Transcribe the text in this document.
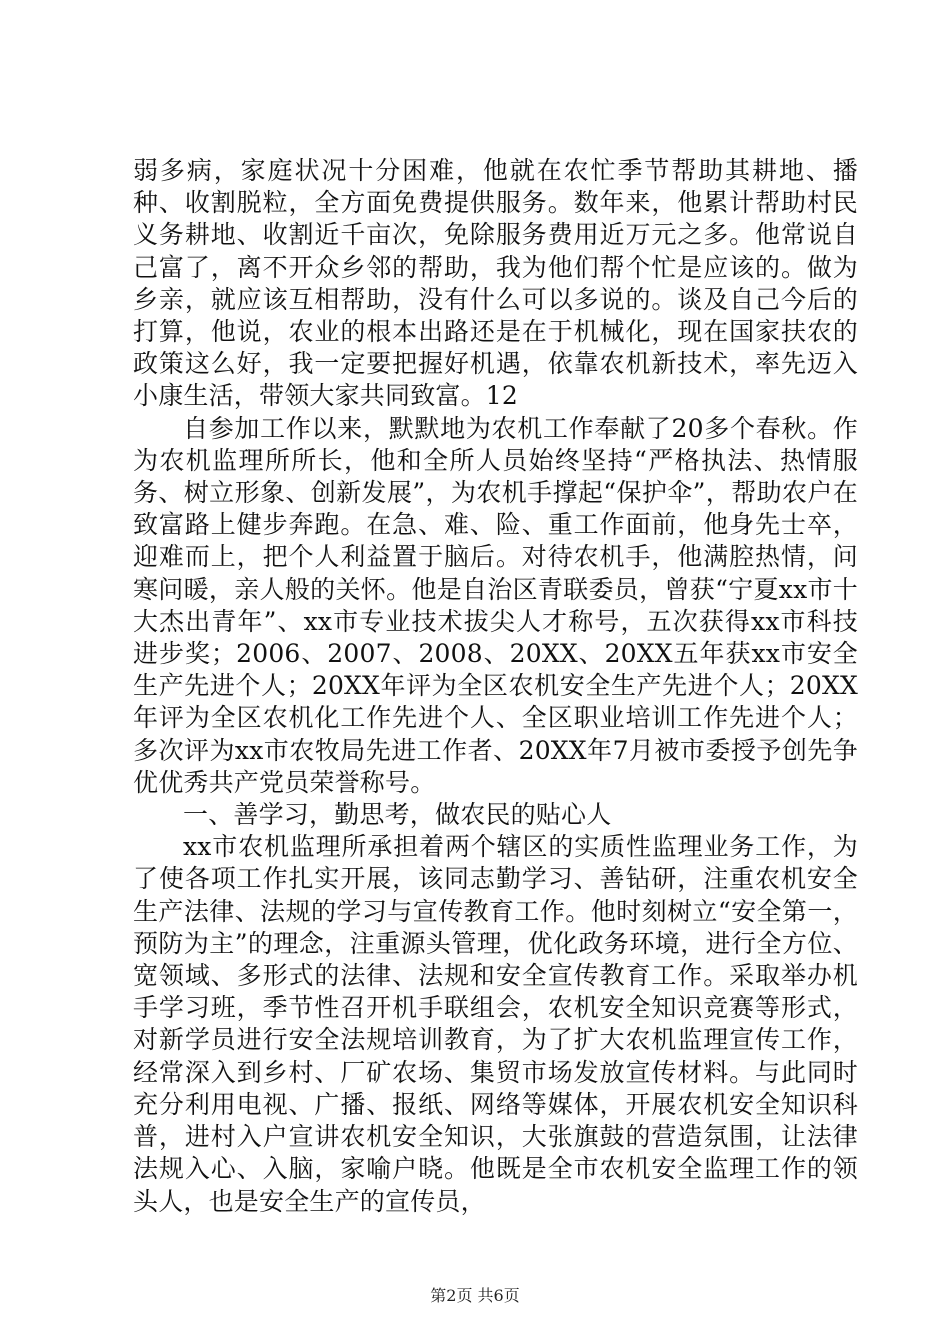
弱多病，家庭状况十分困难，他就在农忙季节帮助其耕地、播种、收割脱粒，全方面免费提供服务。数年来，他累计帮助村民义务耕地、收割近千亩次，免除服务费用近万元之多。他常说自己富了，离不开众乡邻的帮助，我为他们帮个忙是应该的。做为乡亲，就应该互相帮助，没有什么可以多说的。谈及自己今后的打算，他说，农业的根本出路还是在于机械化，现在国家扶农的政策这么好，我一定要把握好机遇，依靠农机新技术，率先迈入小康生活，带领大家共同致富。12

自参加工作以来，默默地为农机工作奉献了20多个春秋。作为农机监理所所长，他和全所人员始终坚持“严格执法、热情服务、树立形象、创新发展”，为农机手撑起“保护伞”，帮助农户在致富路上健步奔跑。在急、难、险、重工作面前，他身先士卒，迎难而上，把个人利益置于脑后。对待农机手，他满腔热情，问寒问暖，亲人般的关怀。他是自治区青联委员，曾获“宁夏xx市十大杰出青年”、xx市专业技术拔尖人才称号，五次获得xx市科技进步奖；2006、2007、2008、20XX、20XX五年获xx市安全生产先进个人；20XX年评为全区农机安全生产先进个人；20XX年评为全区农机化工作先进个人、全区职业培训工作先进个人；多次评为xx市农牧局先进工作者、20XX年7月被市委授予创先争优优秀共产党员荣誉称号。

一、善学习，勤思考，做农民的贴心人

xx市农机监理所承担着两个辖区的实质性监理业务工作，为了使各项工作扎实开展，该同志勤学习、善钻研，注重农机安全生产法律、法规的学习与宣传教育工作。他时刻树立“安全第一，预防为主”的理念，注重源头管理，优化政务环境，进行全方位、宽领域、多形式的法律、法规和安全宣传教育工作。采取举办机手学习班，季节性召开机手联组会，农机安全知识竞赛等形式，对新学员进行安全法规培训教育，为了扩大农机监理宣传工作，经常深入到乡村、厂矿农场、集贸市场发放宣传材料。与此同时充分利用电视、广播、报纸、网络等媒体，开展农机安全知识科普，进村入户宣讲农机安全知识，大张旗鼓的营造氛围，让法律法规入心、入脑，家喻户晓。他既是全市农机安全监理工作的领头人，也是安全生产的宣传员，

第2页 共6页
